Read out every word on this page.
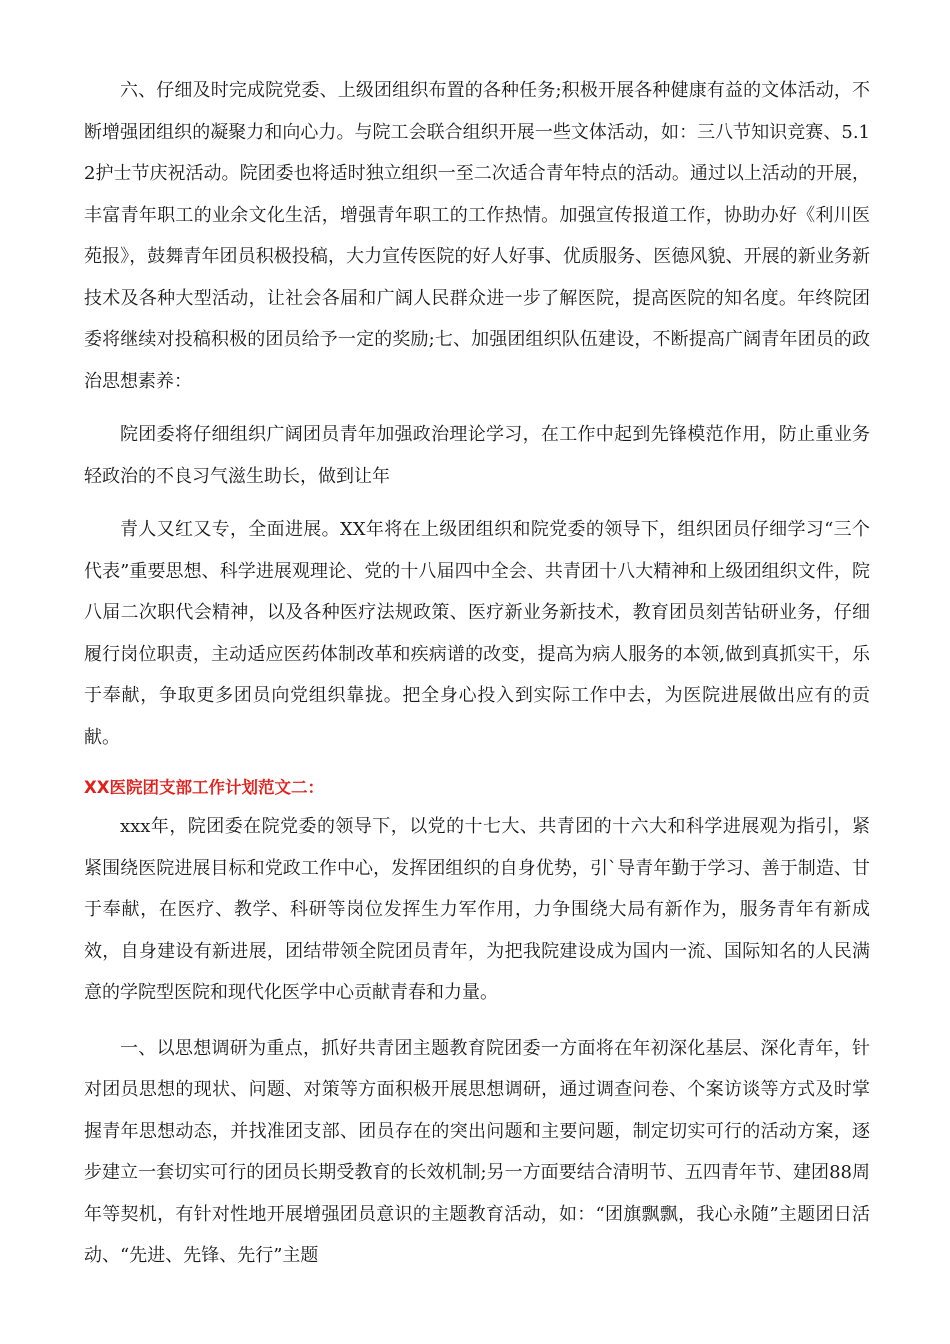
六、仔细及时完成院党委、上级团组织布置的各种任务;积极开展各种健康有益的文体活动，不断增强团组织的凝聚力和向心力。与院工会联合组织开展一些文体活动，如：三八节知识竞赛、5.12护士节庆祝活动。院团委也将适时独立组织一至二次适合青年特点的活动。通过以上活动的开展，丰富青年职工的业余文化生活，增强青年职工的工作热情。加强宣传报道工作，协助办好《利川医苑报》，鼓舞青年团员积极投稿，大力宣传医院的好人好事、优质服务、医德风貌、开展的新业务新技术及各种大型活动，让社会各届和广阔人民群众进一步了解医院，提高医院的知名度。年终院团委将继续对投稿积极的团员给予一定的奖励;七、加强团组织队伍建设，不断提高广阔青年团员的政治思想素养：

院团委将仔细组织广阔团员青年加强政治理论学习，在工作中起到先锋模范作用，防止重业务轻政治的不良习气滋生助长，做到让年

青人又红又专，全面进展。XX年将在上级团组织和院党委的领导下，组织团员仔细学习“三个代表”重要思想、科学进展观理论、党的十八届四中全会、共青团十八大精神和上级团组织文件，院八届二次职代会精神，以及各种医疗法规政策、医疗新业务新技术，教育团员刻苦钻研业务，仔细履行岗位职责，主动适应医药体制改革和疾病谱的改变，提高为病人服务的本领,做到真抓实干，乐于奉献，争取更多团员向党组织靠拢。把全身心投入到实际工作中去，为医院进展做出应有的贡献。

XX医院团支部工作计划范文二：

xxx年，院团委在院党委的领导下，以党的十七大、共青团的十六大和科学进展观为指引，紧紧围绕医院进展目标和党政工作中心，发挥团组织的自身优势，引`导青年勤于学习、善于制造、甘于奉献，在医疗、教学、科研等岗位发挥生力军作用，力争围绕大局有新作为，服务青年有新成效，自身建设有新进展，团结带领全院团员青年，为把我院建设成为国内一流、国际知名的人民满意的学院型医院和现代化医学中心贡献青春和力量。

一、以思想调研为重点，抓好共青团主题教育院团委一方面将在年初深化基层、深化青年，针对团员思想的现状、问题、对策等方面积极开展思想调研，通过调查问卷、个案访谈等方式及时掌握青年思想动态，并找准团支部、团员存在的突出问题和主要问题，制定切实可行的活动方案，逐步建立一套切实可行的团员长期受教育的长效机制;另一方面要结合清明节、五四青年节、建团88周年等契机，有针对性地开展增强团员意识的主题教育活动，如：“团旗飘飘，我心永随”主题团日活动、“先进、先锋、先行”主题
